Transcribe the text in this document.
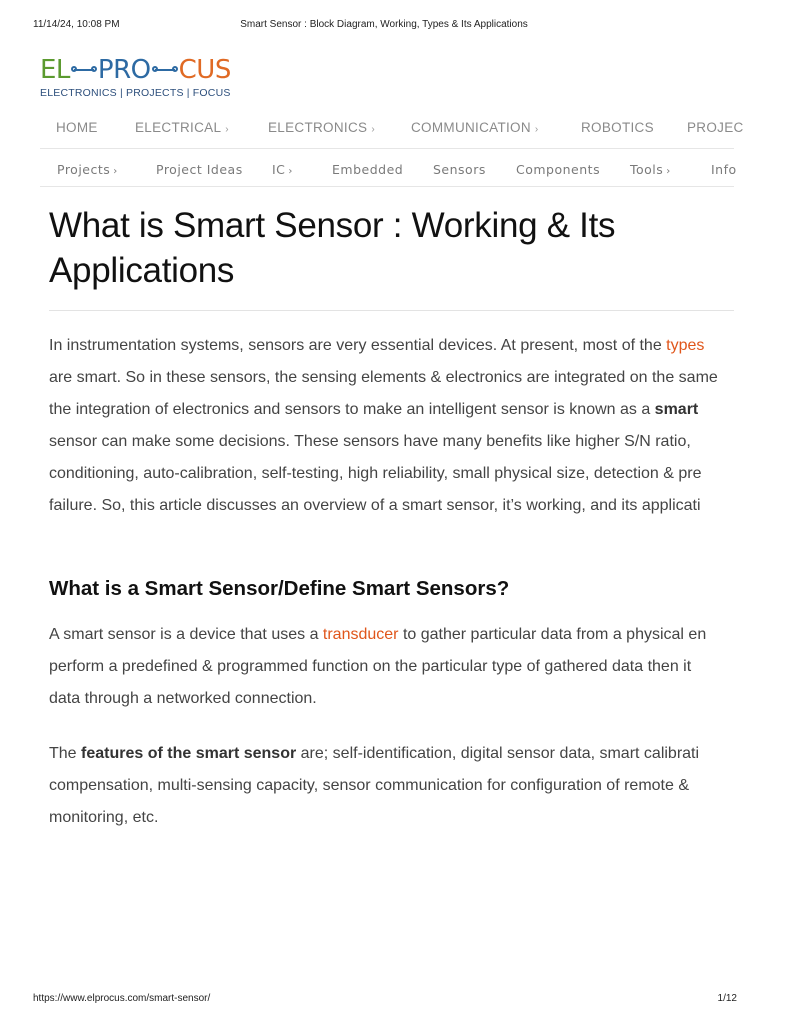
11/14/24, 10:08 PM	Smart Sensor : Block Diagram, Working, Types & Its Applications
EL PRO CUS
ELECTRONICS | PROJECTS | FOCUS
HOME	ELECTRICAL ›	ELECTRONICS ›	COMMUNICATION ›	ROBOTICS PROJEC
Projects ›	Project Ideas IC ›	Embedded Sensors Components Tools ›	Info
What is Smart Sensor : Working & Its
Applications

In instrumentation systems, sensors are very essential devices. At present, most of the types
are smart. So in these sensors, the sensing elements & electronics are integrated on the same
the integration of electronics and sensors to make an intelligent sensor is known as a smart
sensor can make some decisions. These sensors have many benefits like higher S/N ratio,
conditioning, auto-calibration, self-testing, high reliability, small physical size, detection & pre
failure. So, this article discusses an overview of a smart sensor, it’s working, and its applicati

What is a Smart Sensor/Define Smart Sensors?

A smart sensor is a device that uses a transducer to gather particular data from a physical en
perform a predefined & programmed function on the particular type of gathered data then it
data through a networked connection.

The features of the smart sensor are; self-identification, digital sensor data, smart calibrati
compensation, multi-sensing capacity, sensor communication for configuration of remote &
monitoring, etc.

https://www.elprocus.com/smart-sensor/	1/12
